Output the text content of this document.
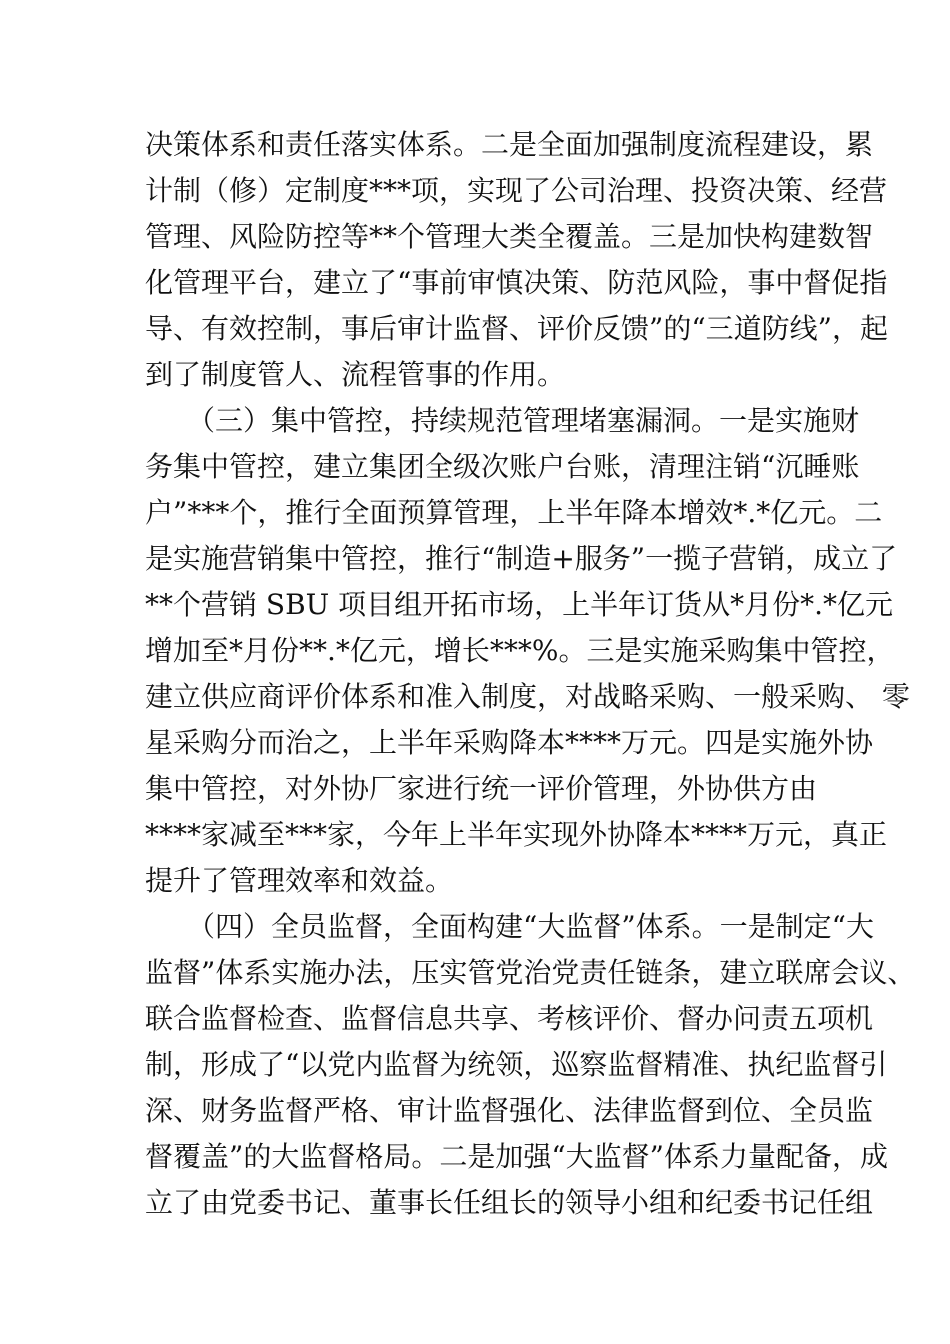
决策体系和责任落实体系。二是全面加强制度流程建设，累
计制（修）定制度***项，实现了公司治理、投资决策、经营
管理、风险防控等**个管理大类全覆盖。三是加快构建数智
化管理平台，建立了“事前审慎决策、防范风险，事中督促指
导、有效控制，事后审计监督、评价反馈”的“三道防线”，起
到了制度管人、流程管事的作用。
　　（三）集中管控，持续规范管理堵塞漏洞。一是实施财
务集中管控，建立集团全级次账户台账，清理注销“沉睡账
户”***个，推行全面预算管理，上半年降本增效*.*亿元。二
是实施营销集中管控，推行“制造+服务”一揽子营销，成立了
**个营销 SBU 项目组开拓市场，上半年订货从*月份*.*亿元
增加至*月份**.*亿元，增长***%。三是实施采购集中管控，
建立供应商评价体系和准入制度，对战略采购、一般采购、 零
星采购分而治之，上半年采购降本****万元。四是实施外协
集中管控，对外协厂家进行统一评价管理，外协供方由
****家减至***家，今年上半年实现外协降本****万元，真正
提升了管理效率和效益。
　　（四）全员监督，全面构建“大监督”体系。一是制定“大
监督”体系实施办法，压实管党治党责任链条，建立联席会议、
联合监督检查、监督信息共享、考核评价、督办问责五项机
制，形成了“以党内监督为统领，巡察监督精准、执纪监督引
深、财务监督严格、审计监督强化、法律监督到位、全员监
督覆盖”的大监督格局。二是加强“大监督”体系力量配备，成
立了由党委书记、董事长任组长的领导小组和纪委书记任组
